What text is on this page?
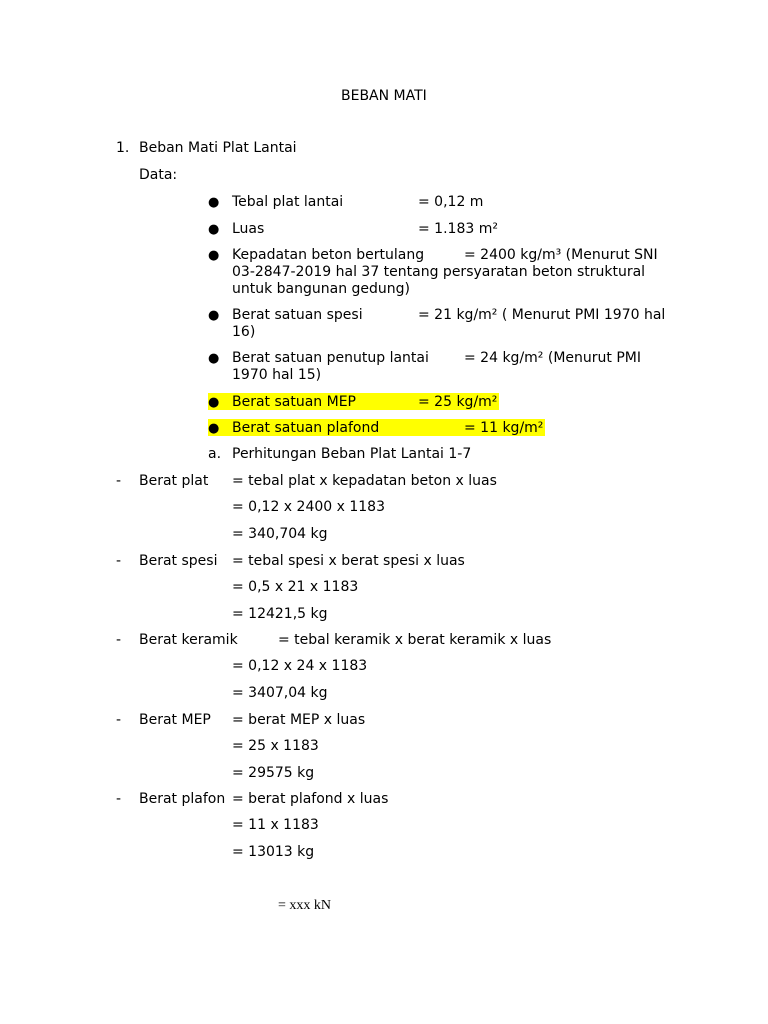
BEBAN MATI
1. Beban Mati Plat Lantai
Data:
● Tebal plat lantai	= 0,12 m
● Luas	= 1.183 m²
● Kepadatan beton bertulang	= 2400 kg/m³ (Menurut SNI
03-2847-2019 hal 37 tentang persyaratan beton struktural untuk bangunan gedung)
● Berat satuan spesi	= 21 kg/m² ( Menurut PMI 1970 hal
16)
● Berat satuan penutup lantai	= 24 kg/m² (Menurut PMI
1970 hal 15)
● Berat satuan MEP	= 25 kg/m²
● Berat satuan plafond	= 11 kg/m²
a. Perhitungan Beban Plat Lantai 1-7
- Berat plat = tebal plat x kepadatan beton x luas
= 0,12 x 2400 x 1183
= 340,704 kg
- Berat spesi = tebal spesi x berat spesi x luas
= 0,5 x 21 x 1183
= 12421,5 kg
- Berat keramik	= tebal keramik x berat keramik x luas
= 0,12 x 24 x 1183
= 3407,04 kg
- Berat MEP = berat MEP x luas
= 25 x 1183
= 29575 kg
- Berat plafon = berat plafond x luas
= 11 x 1183
= 13013 kg
= xxx kN
